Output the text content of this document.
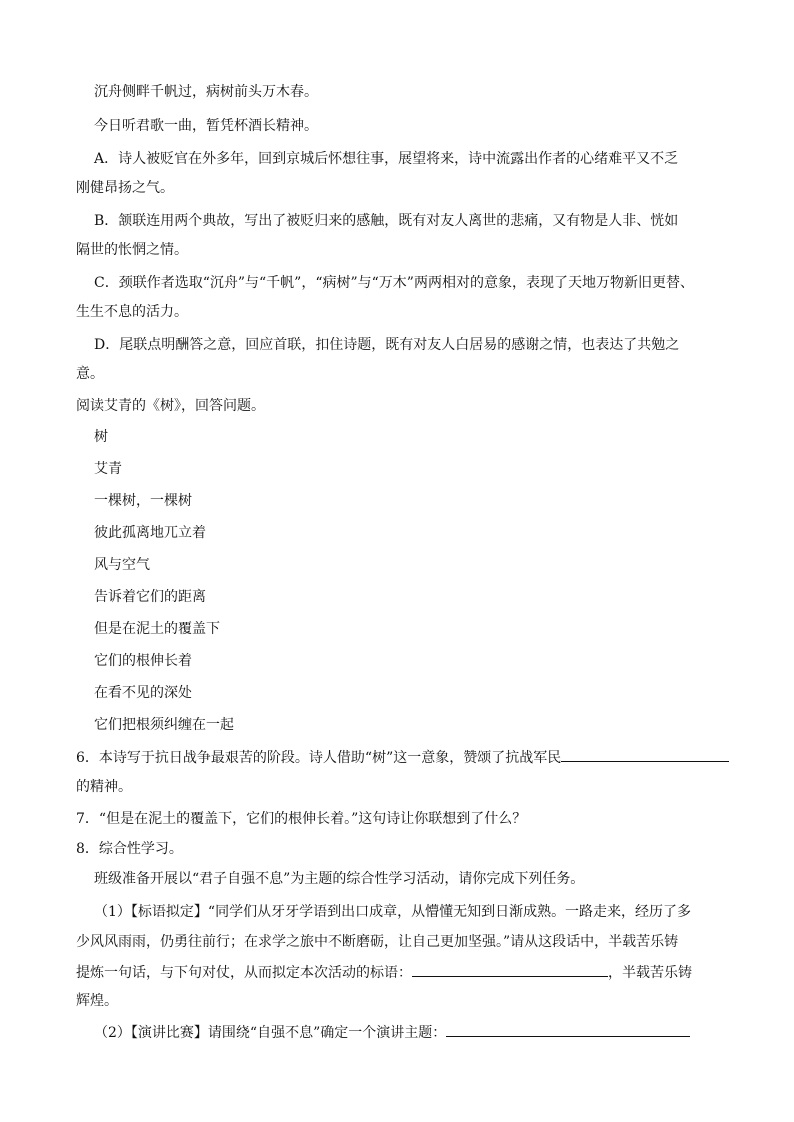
沉舟侧畔千帆过，病树前头万木春。
今日听君歌一曲，暂凭杯酒长精神。
A．诗人被贬官在外多年，回到京城后怀想往事，展望将来，诗中流露出作者的心绪难平又不乏
刚健昂扬之气。
B．颔联连用两个典故，写出了被贬归来的感触，既有对友人离世的悲痛，又有物是人非、恍如
隔世的怅惘之情。
C．颈联作者选取“沉舟”与“千帆”，“病树”与“万木”两两相对的意象，表现了天地万物新旧更替、
生生不息的活力。
D．尾联点明酬答之意，回应首联，扣住诗题，既有对友人白居易的感谢之情，也表达了共勉之
意。
阅读艾青的《树》，回答问题。
树
艾青
一棵树，一棵树
彼此孤离地兀立着
风与空气
告诉着它们的距离
但是在泥土的覆盖下
它们的根伸长着
在看不见的深处
它们把根须纠缠在一起
6．本诗写于抗日战争最艰苦的阶段。诗人借助“树”这一意象，赞颂了抗战军民
的精神。
7．“但是在泥土的覆盖下，它们的根伸长着。”这句诗让你联想到了什么？
8．综合性学习。
班级准备开展以“君子自强不息”为主题的综合性学习活动，请你完成下列任务。
（1）【标语拟定】“同学们从牙牙学语到出口成章，从懵懂无知到日渐成熟。一路走来，经历了多
少风风雨雨，仍勇往前行；在求学之旅中不断磨砺，让自己更加坚强。”请从这段话中，半载苦乐铸
提炼一句话，与下句对仗，从而拟定本次活动的标语：	，半载苦乐铸
辉煌。
（2）【演讲比赛】请围绕“自强不息”确定一个演讲主题：
